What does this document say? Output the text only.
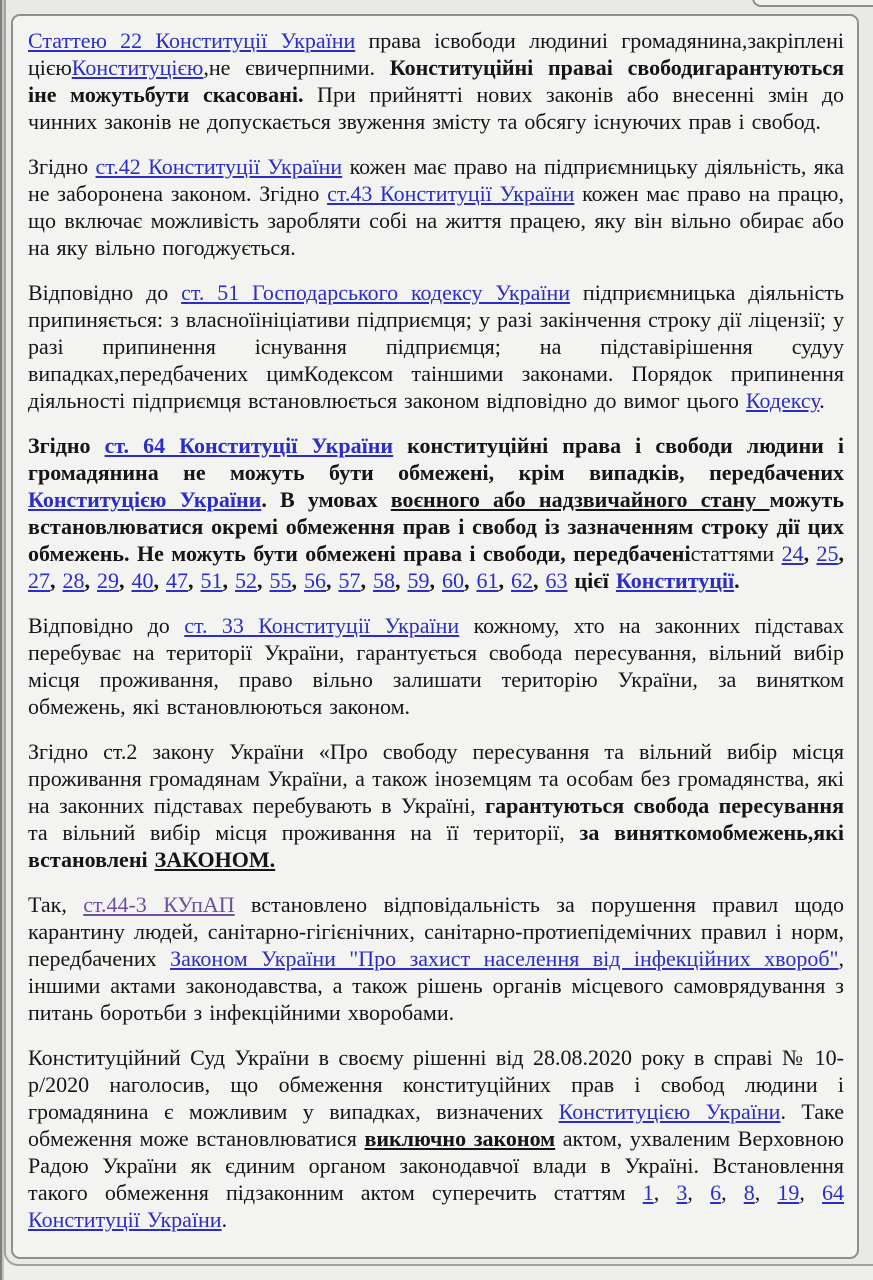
Статтею 22 Конституції України права ісвободи людиниі громадянина,закріплені цієюКонституцією,не євичерпними. Конституційні праваі свободигарантуються іне можутьбути скасовані. При прийнятті нових законів або внесенні змін до чинних законів не допускається звуження змісту та обсягу існуючих прав і свобод.

Згідно ст.42 Конституції України кожен має право на підприємницьку діяльність, яка не заборонена законом. Згідно ст.43 Конституції України кожен має право на працю, що включає можливість заробляти собі на життя працею, яку він вільно обирає або на яку вільно погоджується.

Відповідно до ст. 51 Господарського кодексу України підприємницька діяльність припиняється: з власноїініціативи підприємця; у разі закінчення строку дії ліцензії; у разі припинення існування підприємця; на підставірішення судуу випадках,передбачених цимКодексом таіншими законами. Порядок припинення діяльності підприємця встановлюється законом відповідно до вимог цього Кодексу.

Згідно ст. 64 Конституції України конституційні права і свободи людини і громадянина не можуть бути обмежені, крім випадків, передбачених Конституцією України. В умовах воєнного або надзвичайного стану можуть встановлюватися окремі обмеження прав і свобод із зазначенням строку дії цих обмежень. Не можуть бути обмежені права і свободи, передбаченістаттями 24, 25, 27, 28, 29, 40, 47, 51, 52, 55, 56, 57, 58, 59, 60, 61, 62, 63 цієї Конституції.

Відповідно до ст. 33 Конституції України кожному, хто на законних підставах перебуває на території України, гарантується свобода пересування, вільний вибір місця проживання, право вільно залишати територію України, за винятком обмежень, які встановлюються законом.

Згідно ст.2 закону України «Про свободу пересування та вільний вибір місця проживання громадянам України, а також іноземцям та особам без громадянства, які на законних підставах перебувають в Україні, гарантуються свобода пересування та вільний вибір місця проживання на її території, за виняткомобмежень,які встановлені ЗАКОНОМ.

Так, ст.44-3 КУпАП встановлено відповідальність за порушення правил щодо карантину людей, санітарно-гігієнічних, санітарно-протиепідемічних правил і норм, передбачених Законом України "Про захист населення від інфекційних хвороб", іншими актами законодавства, а також рішень органів місцевого самоврядування з питань боротьби з інфекційними хворобами.

Конституційний Суд України в своєму рішенні від 28.08.2020 року в справі № 10-р/2020 наголосив, що обмеження конституційних прав і свобод людини і громадянина є можливим у випадках, визначених Конституцією України. Таке обмеження може встановлюватися виключно законом актом, ухваленим Верховною Радою України як єдиним органом законодавчої влади в Україні. Встановлення такого обмеження підзаконним актом суперечить статтям 1, 3, 6, 8, 19, 64 Конституції України.
